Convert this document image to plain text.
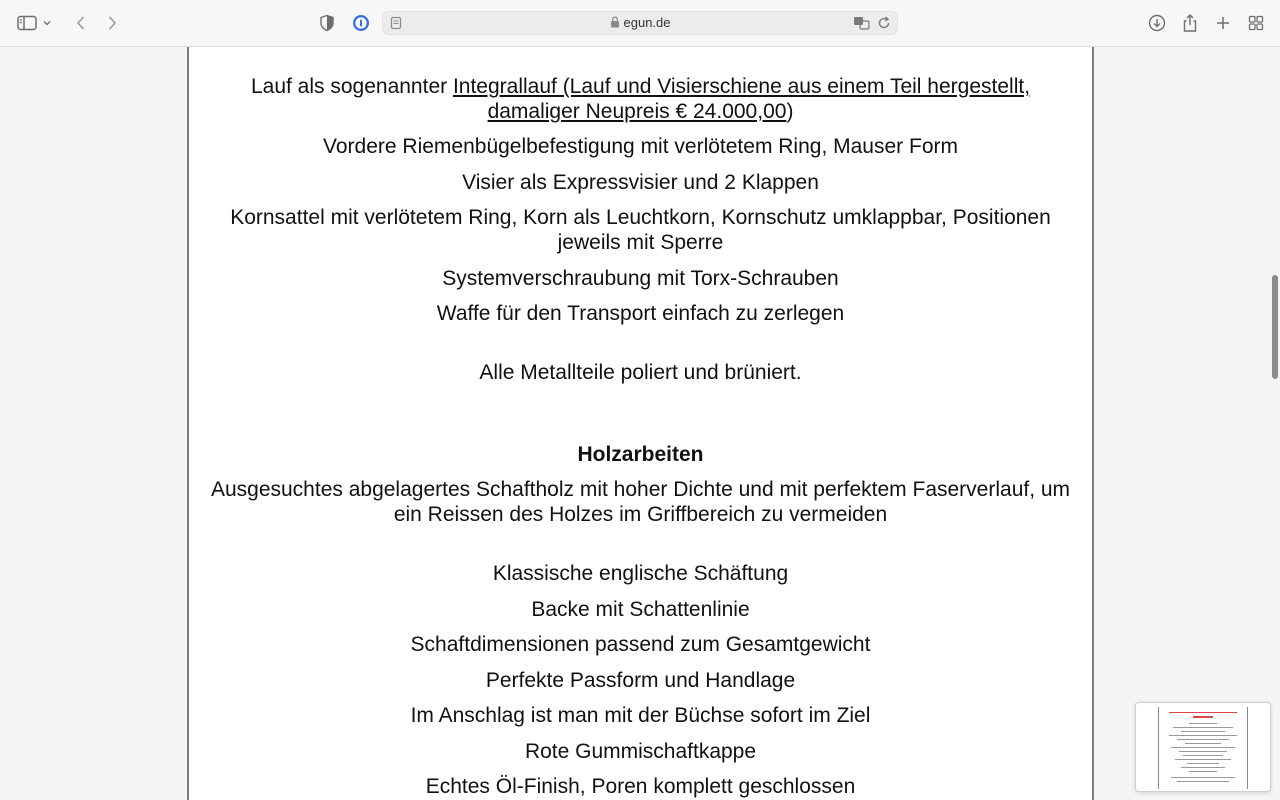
egun.de
Lauf als sogenannter Integrallauf (Lauf und Visierschiene aus einem Teil hergestellt,
damaliger Neupreis € 24.000,00)
Vordere Riemenbügelbefestigung mit verlötetem Ring, Mauser Form
Visier als Expressvisier und 2 Klappen
Kornsattel mit verlötetem Ring, Korn als Leuchtkorn, Kornschutz umklappbar, Positionen
jeweils mit Sperre
Systemverschraubung mit Torx-Schrauben
Waffe für den Transport einfach zu zerlegen
Alle Metallteile poliert und brüniert.
Holzarbeiten
Ausgesuchtes abgelagertes Schaftholz mit hoher Dichte und mit perfektem Faserverlauf, um
ein Reissen des Holzes im Griffbereich zu vermeiden
Klassische englische Schäftung
Backe mit Schattenlinie
Schaftdimensionen passend zum Gesamtgewicht
Perfekte Passform und Handlage
Im Anschlag ist man mit der Büchse sofort im Ziel
Rote Gummischaftkappe
Echtes Öl-Finish, Poren komplett geschlossen
